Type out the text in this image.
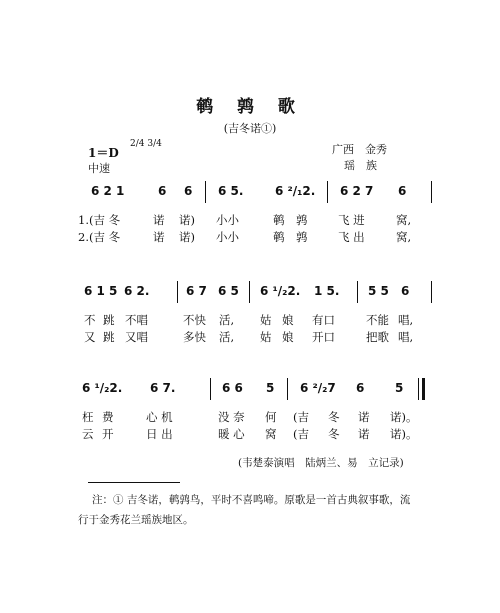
鹌 鹑 歌
(吉冬诺①)
1＝D
2/4 3/4
中速
广西　金秀
瑶　族
6 2 1	6 6 6 5.	6 ²/₁2. 6 2 7 6
1.(吉 冬	诺 诺) 小小	鹌 鹑	飞 进	窝,
2.(吉 冬	诺 诺) 小小	鹌 鹑	飞 出	窝,
6 1 5 6 2.	6 7 6 5 6 ¹/₂2. 1 5. 5 5 6
不 跳 不唱	不快 活, 姑 娘 有口	不能 唱,
又 跳 又唱	多快 活, 姑 娘 开口	把歌 唱,
6 ¹/₂2. 6 7.	6 6 5 6 ²/₂7 6	5
枉 费	心 机	没 奈 何 (吉 冬 诺 诺)。
云 开	日 出	暖 心 窝 (吉 冬 诺 诺)。
(韦楚泰演唱　陆炳兰、易　立记录)
注：① 吉冬诺，鹌鹑鸟，平时不喜鸣啼。原歌是一首古典叙事歌，流
行于金秀花兰瑶族地区。
